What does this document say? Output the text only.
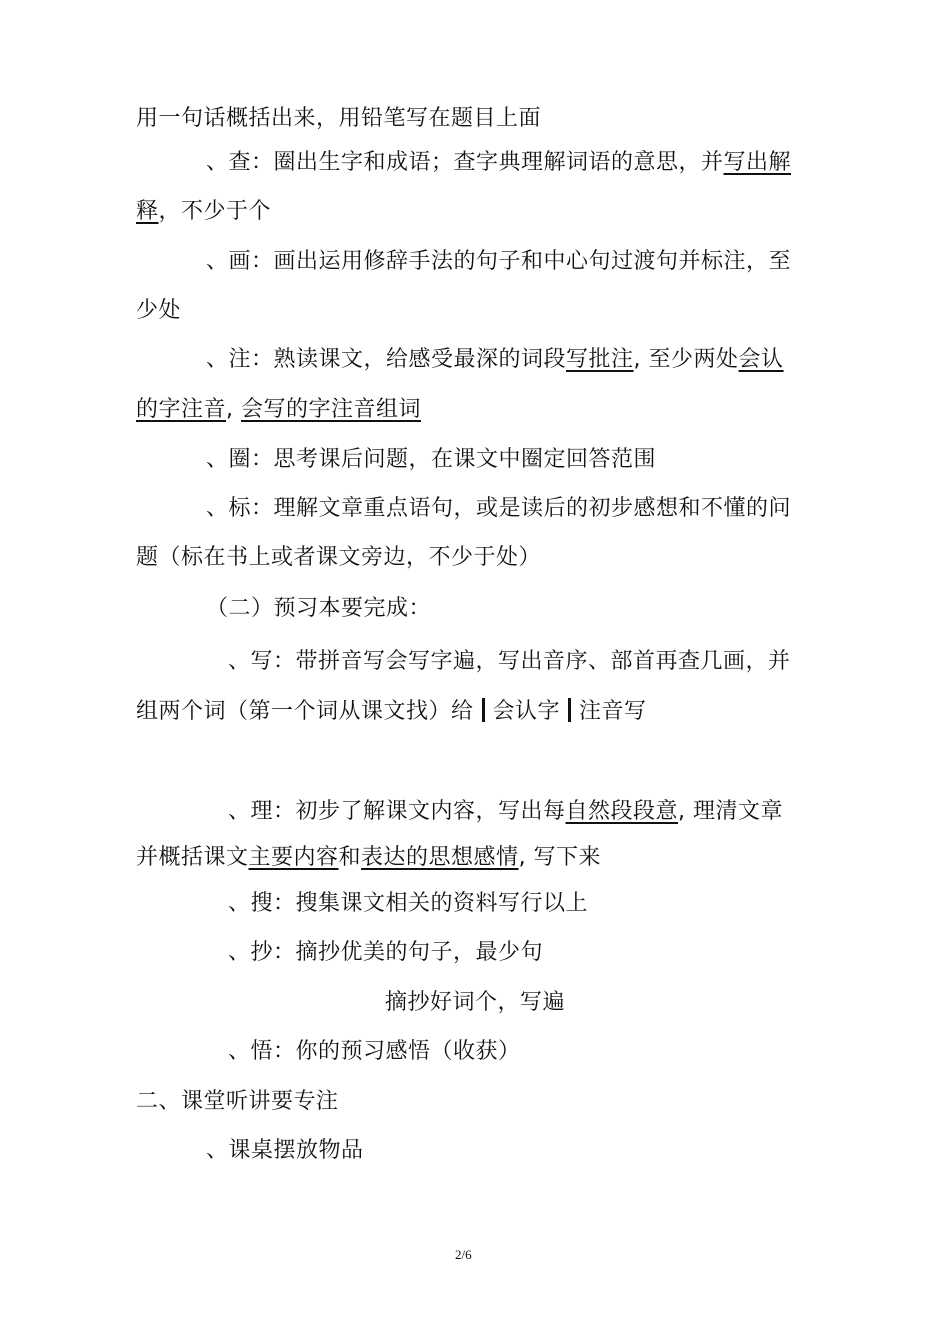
用一句话概括出来，用铅笔写在题目上面
、查：圈出生字和成语；查字典理解词语的意思，并写出解
释，不少于个
、画：画出运用修辞手法的句子和中心句过渡句并标注，至
少处
、注：熟读课文，给感受最深的词段写批注, 至少两处会认
的字注音, 会写的字注音组词
、圈：思考课后问题，在课文中圈定回答范围
、标：理解文章重点语句，或是读后的初步感想和不懂的问
题（标在书上或者课文旁边，不少于处）
（二）预习本要完成：
、写：带拼音写会写字遍，写出音序、部首再查几画，并
组两个词（第一个词从课文找）给 会认字 注音写
、理：初步了解课文内容，写出每自然段段意, 理清文章
并概括课文主要内容和表达的思想感情, 写下来
、搜：搜集课文相关的资料写行以上
、抄：摘抄优美的句子，最少句
摘抄好词个，写遍
、悟：你的预习感悟（收获）
二、课堂听讲要专注
、课桌摆放物品
2/6
